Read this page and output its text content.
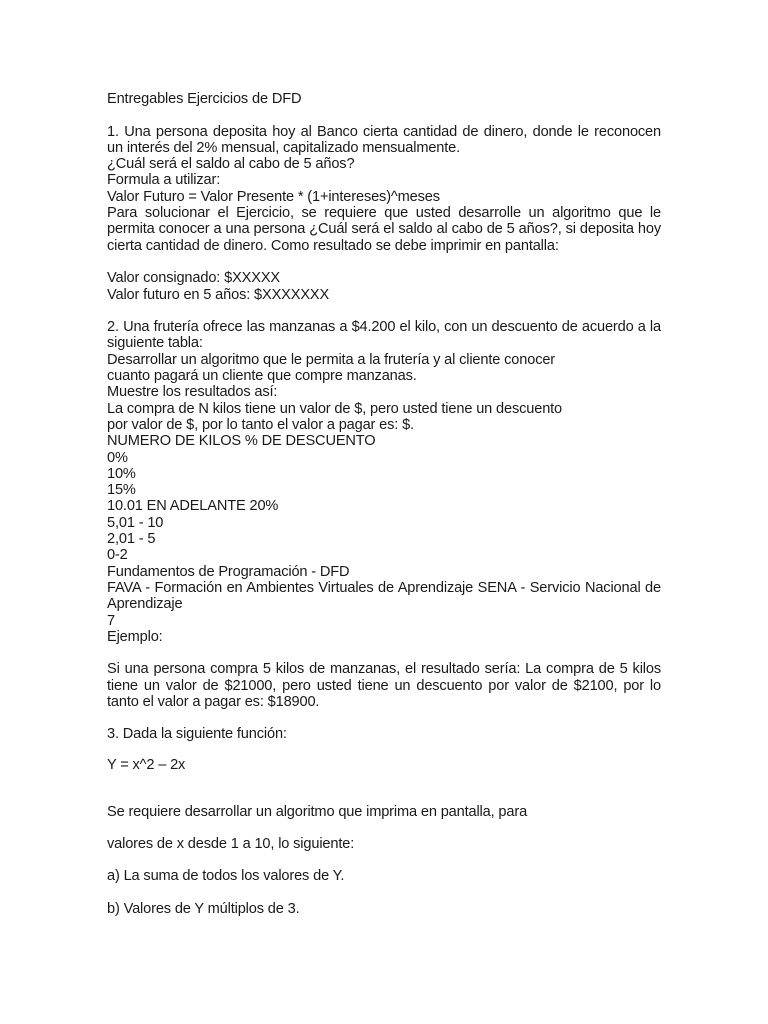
Entregables Ejercicios de DFD
1. Una persona deposita hoy al Banco cierta cantidad de dinero, donde le reconocen un interés del 2% mensual, capitalizado mensualmente.
¿Cuál será el saldo al cabo de 5 años?
Formula a utilizar:
Valor Futuro = Valor Presente * (1+intereses)^meses
Para solucionar el Ejercicio, se requiere que usted desarrolle un algoritmo que le permita conocer a una persona ¿Cuál será el saldo al cabo de 5 años?, si deposita hoy cierta cantidad de dinero. Como resultado se debe imprimir en pantalla:
Valor consignado: $XXXXX
Valor futuro en 5 años: $XXXXXXX
2. Una frutería ofrece las manzanas a $4.200 el kilo, con un descuento de acuerdo a la siguiente tabla:
Desarrollar un algoritmo que le permita a la frutería y al cliente conocer
cuanto pagará un cliente que compre manzanas.
Muestre los resultados así:
La compra de N kilos tiene un valor de $, pero usted tiene un descuento
por valor de $, por lo tanto el valor a pagar es: $.
NUMERO DE KILOS % DE DESCUENTO
0%
10%
15%
10.01 EN ADELANTE 20%
5,01 - 10
2,01 - 5
0-2
Fundamentos de Programación - DFD
FAVA - Formación en Ambientes Virtuales de Aprendizaje SENA - Servicio Nacional de Aprendizaje
7
Ejemplo:
Si una persona compra 5 kilos de manzanas, el resultado sería: La compra de 5 kilos tiene un valor de $21000, pero usted tiene un descuento por valor de $2100, por lo tanto el valor a pagar es: $18900.
3. Dada la siguiente función:
Y = x^2 – 2x
Se requiere desarrollar un algoritmo que imprima en pantalla, para
valores de x desde 1 a 10, lo siguiente:
a) La suma de todos los valores de Y.
b) Valores de Y múltiplos de 3.
